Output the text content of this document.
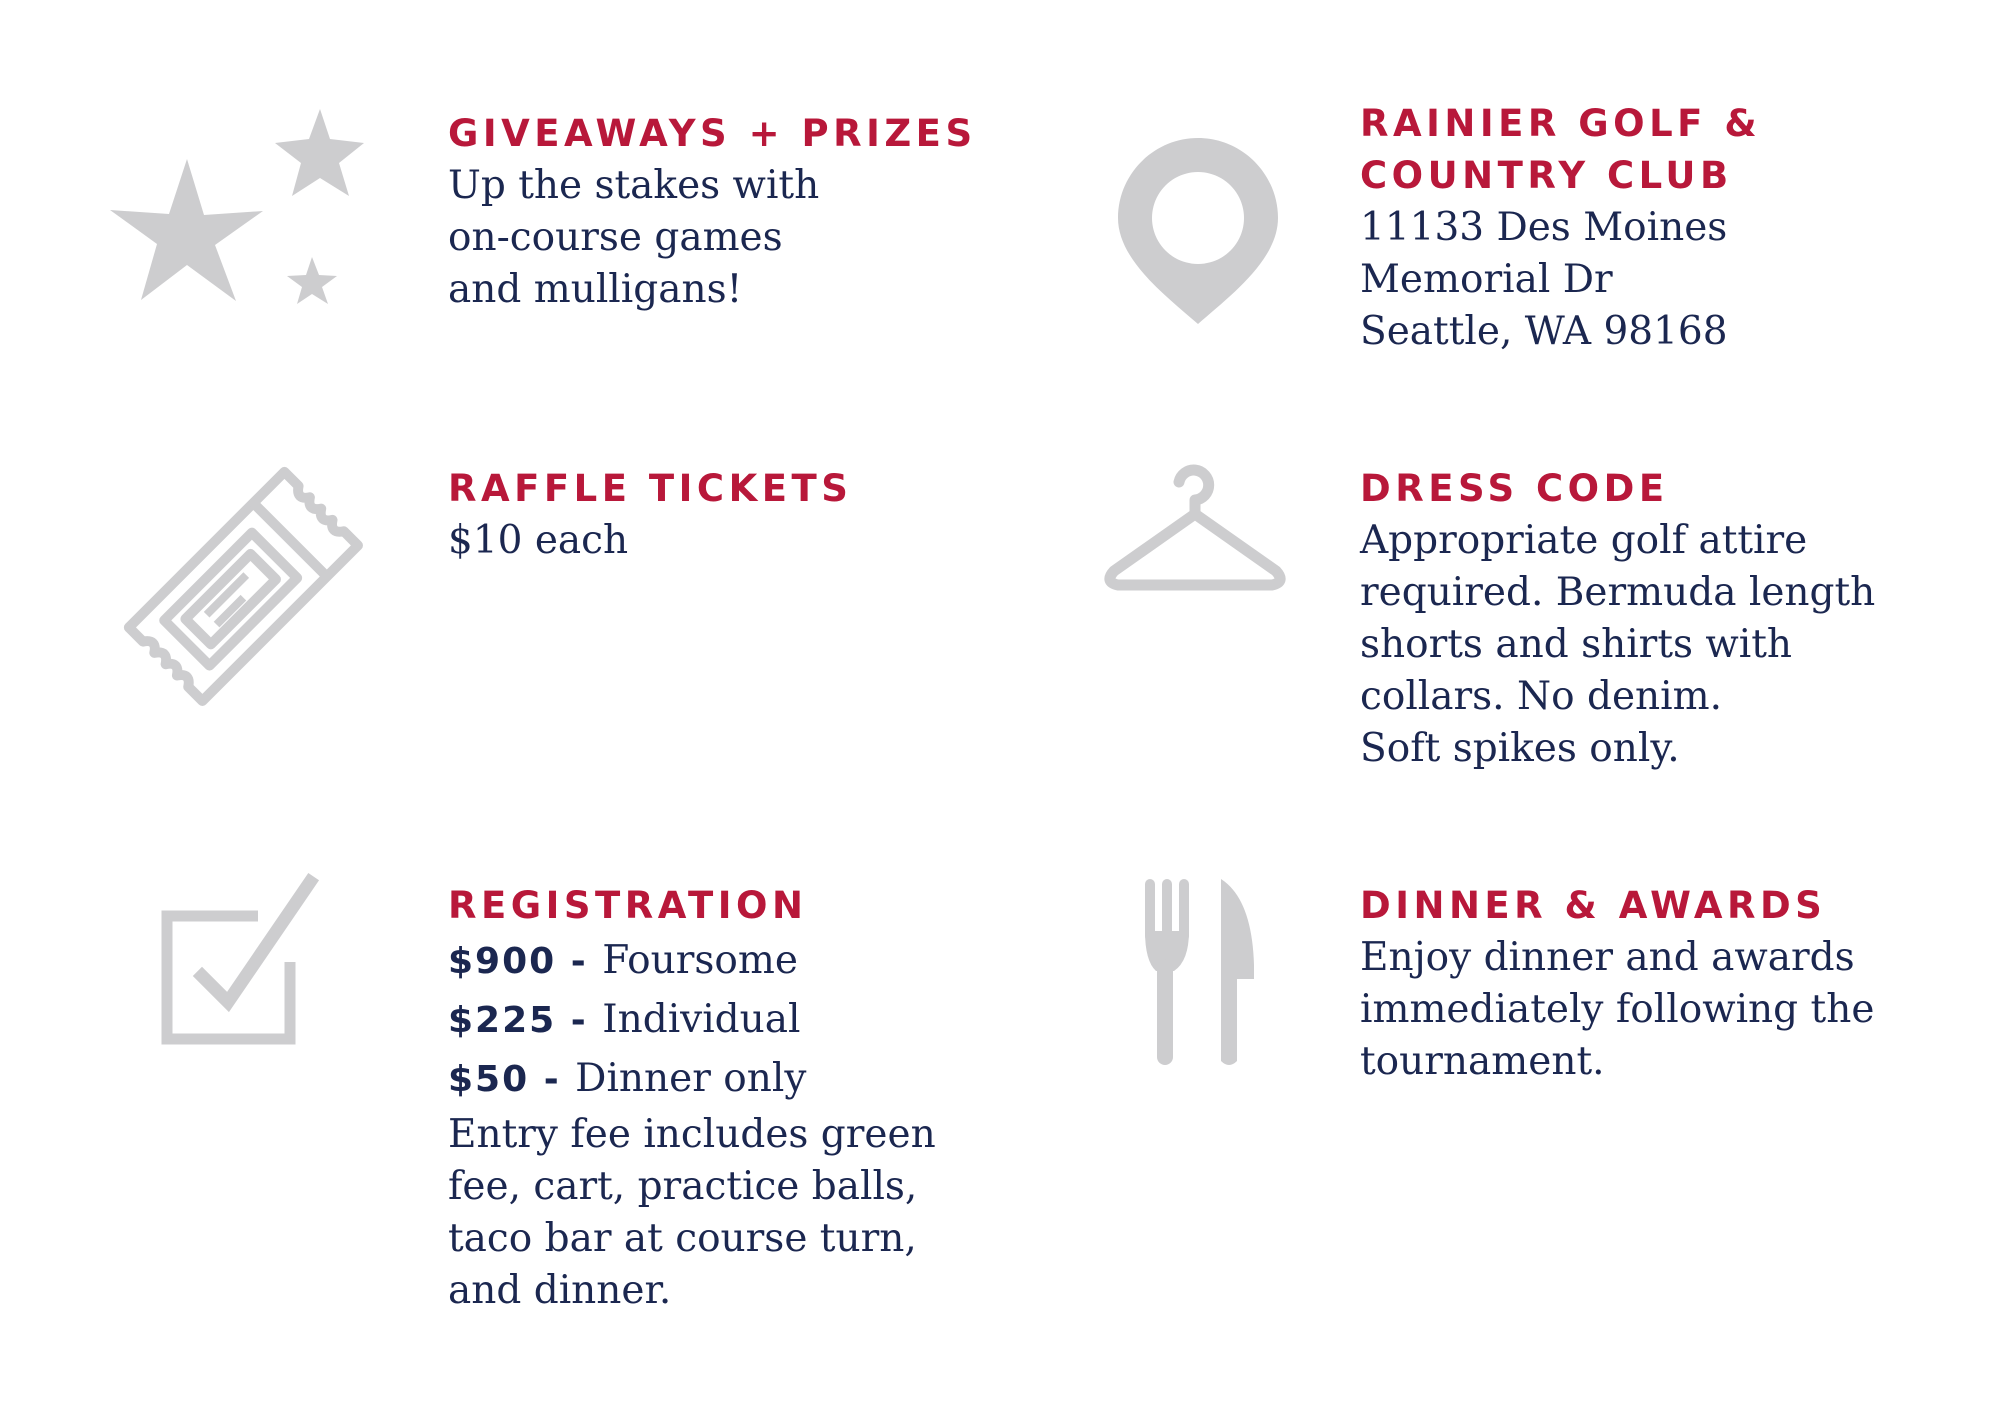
GIVEAWAYS + PRIZES

Up the stakes with
on-course games
and mulligans!

RAINIER GOLF &
COUNTRY CLUB

11133 Des Moines
Memorial Dr
Seattle, WA 98168

RAFFLE TICKETS

$10 each

DRESS CODE

Appropriate golf attire
required. Bermuda length
shorts and shirts with
collars. No denim.
Soft spikes only.

REGISTRATION
$900 - Foursome
$225 - Individual
$50 - Dinner only

Entry fee includes green
fee, cart, practice balls,
taco bar at course turn,
and dinner.

DINNER & AWARDS

Enjoy dinner and awards
immediately following the
tournament.
